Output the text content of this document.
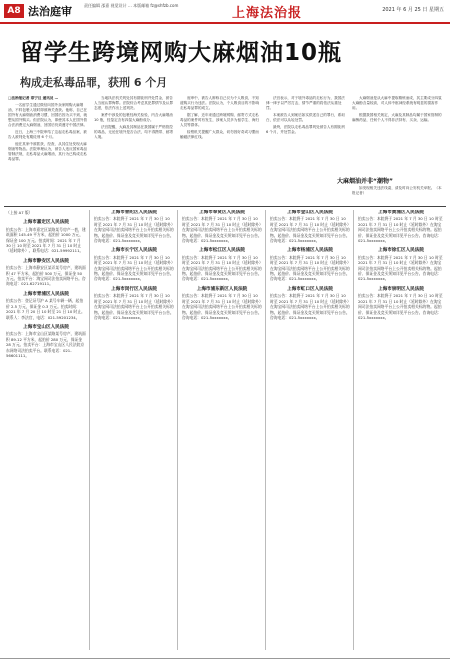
A8 法治庭审	责任编辑 邵嘉 视觉设计 … 本版邮箱 fz@shfzb.com
上海法治报	2021 年 6 月 25 日 星期五
留学生跨境网购大麻烟油10瓶
构成走私毒品罪，获刑 6 个月

□法治报记者 章宁旦 通讯员 …

一名留学生通过微信向国外卖家网购大麻烟油，不料包裹入境时即被海关查获。他称，自己在国外有大麻烟油消费习惯，回国后因为买不到，就想从国外购买。但法院认为，即使其本人在国外曾合法消费过大麻烟油，回国后仍须遵守中国法律。

近日，上海三中院审结了这起走私毒品案，被告人被判处有期徒刑 6 个月。

他在其家中被抓获，经查，从其住处发现大麻烟油等物品。法院审理认为，被告人违反国家毒品管制法规，走私毒品大麻烟油，其行为已构成走私毒品罪。

当地执法机关判处其有期徒刑并处罚金，被告人当庭认罪悔罪。法院综合考虑其犯罪情节及认罪态度，依法作出上述判决。

案件中涉及的包裹经海关检验，内含大麻烟油 10 瓶，经鉴定含有四氢大麻酚成分。

法官提醒，大麻及其制品在我国属于严格管控的毒品，无论在境外是否合法，均不得携带、邮寄入境。

庭审中，被告人辩称自己仅为个人吸食，不知道购买行为违法。法院认为，个人吸食目的不影响走私毒品罪的成立。

据了解，近年来通过跨境网购、邮寄方式走私毒品的案件时有发生，涉案人员多为留学生、海归人员等群体。

检察机关提醒广大群众，切勿因好奇或习惯而触碰法律红线。

法官表示，对于境外毒品的走私行为，我国法律一律予以严厉打击，情节严重的将依法从重处罚。

本案被告人到案后如实供述自己的罪行，系坦白，依法可以从轻处罚。

最终，法院以走私毒品罪判处被告人有期徒刑 6 个月，并处罚金。

大麻烟油是从大麻中提取精炼而成，其主要成分四氢大麻酚含量较高，对人体中枢神经系统有明显的损害作用。

根据我国相关规定，大麻及其制品均属于国家管制的麻醉药品，任何个人不得非法持有、买卖、运输。

大麻烟油并非“潮物”

如发现相关违法线索，请及时向公安机关举报。（本报记者）

（上接 A7 版）
上海市嘉定区人民法院
拍卖公告：上海市嘉定区某路某号房产一套，建筑面积 145.49 平方米，起拍价 1000 万元，保证金 100 万元。拍卖时间：2021 年 7 月 30 日 10 时至 2021 年 7 月 31 日 10 时止（延时除外）。联系电话：021-59992111。
上海市静安区人民法院
拍卖公告：上海市静安区某弄某号房产，建筑面积 47 平方米，起拍价 500 万元，保证金 50 万元。拍卖平台：淘宝网司法拍卖网络平台。咨询电话：021-62719111。
上海市青浦区人民法院
拍卖公告：登记证号沪 A 某号车辆一辆，起拍价 2.5 万元，保证金 0.3 万元。拍卖时间：2021 年 7 月 20 日 10 时至 21 日 10 时止。联系人：李法官，电话：021-59201234。
上海市宝山区人民法院
拍卖公告：上海市宝山区某路某号房产，建筑面积 89.12 平方米，起拍价 280 万元，保证金 28 万元。拍卖平台：上海市宝山区人民法院京东网络司法拍卖平台。联系电话：021-56601111。
上海市普陀区人民法院
拍卖公告：本院将于 2021 年 7 月 30 日 10 时至 2021 年 7 月 31 日 10 时止（延时除外）在淘宝网司法拍卖网络平台上公开拍卖相关标的物。起拍价、保证金及竞买须知详见平台公告。咨询电话：021-5xxxxxxx。
上海市长宁区人民法院
拍卖公告：本院将于 2021 年 7 月 30 日 10 时至 2021 年 7 月 31 日 10 时止（延时除外）在淘宝网司法拍卖网络平台上公开拍卖相关标的物。起拍价、保证金及竞买须知详见平台公告。咨询电话：021-5xxxxxxx。
上海市闵行区人民法院
拍卖公告：本院将于 2021 年 7 月 30 日 10 时至 2021 年 7 月 31 日 10 时止（延时除外）在淘宝网司法拍卖网络平台上公开拍卖相关标的物。起拍价、保证金及竞买须知详见平台公告。咨询电话：021-5xxxxxxx。
上海市奉贤区人民法院
拍卖公告：本院将于 2021 年 7 月 30 日 10 时至 2021 年 7 月 31 日 10 时止（延时除外）在淘宝网司法拍卖网络平台上公开拍卖相关标的物。起拍价、保证金及竞买须知详见平台公告。咨询电话：021-5xxxxxxx。
上海市松江区人民法院
拍卖公告：本院将于 2021 年 7 月 30 日 10 时至 2021 年 7 月 31 日 10 时止（延时除外）在淘宝网司法拍卖网络平台上公开拍卖相关标的物。起拍价、保证金及竞买须知详见平台公告。咨询电话：021-5xxxxxxx。
上海市浦东新区人民法院
拍卖公告：本院将于 2021 年 7 月 30 日 10 时至 2021 年 7 月 31 日 10 时止（延时除外）在淘宝网司法拍卖网络平台上公开拍卖相关标的物。起拍价、保证金及竞买须知详见平台公告。咨询电话：021-5xxxxxxx。
上海市金山区人民法院
拍卖公告：本院将于 2021 年 7 月 30 日 10 时至 2021 年 7 月 31 日 10 时止（延时除外）在淘宝网司法拍卖网络平台上公开拍卖相关标的物。起拍价、保证金及竞买须知详见平台公告。咨询电话：021-5xxxxxxx。
上海市杨浦区人民法院
拍卖公告：本院将于 2021 年 7 月 30 日 10 时至 2021 年 7 月 31 日 10 时止（延时除外）在淘宝网司法拍卖网络平台上公开拍卖相关标的物。起拍价、保证金及竞买须知详见平台公告。咨询电话：021-5xxxxxxx。
上海市虹口区人民法院
拍卖公告：本院将于 2021 年 7 月 30 日 10 时至 2021 年 7 月 31 日 10 时止（延时除外）在淘宝网司法拍卖网络平台上公开拍卖相关标的物。起拍价、保证金及竞买须知详见平台公告。咨询电话：021-5xxxxxxx。
上海市黄浦区人民法院
拍卖公告：本院将于 2021 年 7 月 30 日 10 时至 2021 年 7 月 31 日 10 时止（延时除外）在淘宝网司法拍卖网络平台上公开拍卖相关标的物。起拍价、保证金及竞买须知详见平台公告。咨询电话：021-5xxxxxxx。
上海市徐汇区人民法院
拍卖公告：本院将于 2021 年 7 月 30 日 10 时至 2021 年 7 月 31 日 10 时止（延时除外）在淘宝网司法拍卖网络平台上公开拍卖相关标的物。起拍价、保证金及竞买须知详见平台公告。咨询电话：021-5xxxxxxx。
上海市崇明区人民法院
拍卖公告：本院将于 2021 年 7 月 30 日 10 时至 2021 年 7 月 31 日 10 时止（延时除外）在淘宝网司法拍卖网络平台上公开拍卖相关标的物。起拍价、保证金及竞买须知详见平台公告。咨询电话：021-5xxxxxxx。
